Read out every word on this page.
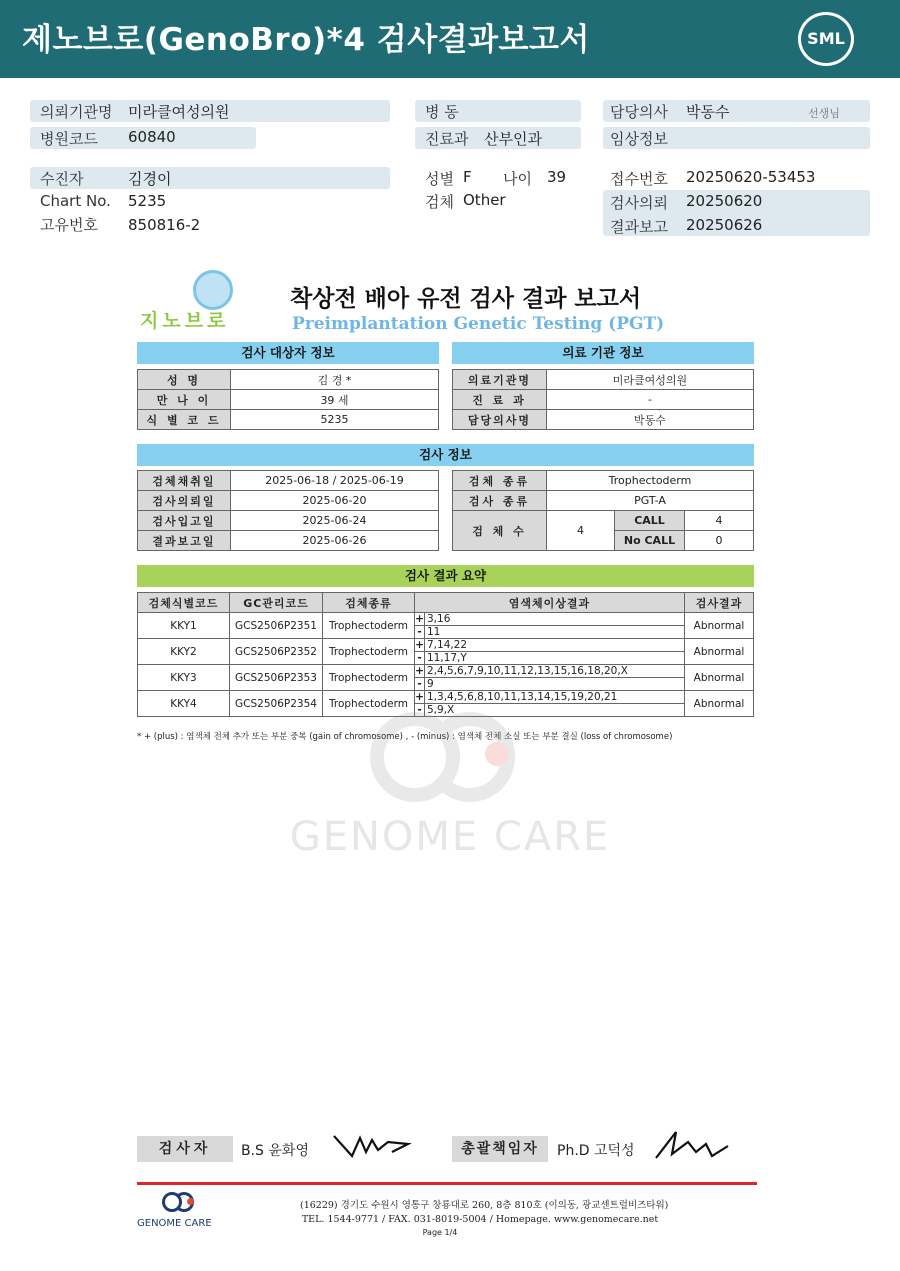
제노브로(GenoBro)*4 검사결과보고서	SML
의뢰기관명 미라클여성의원
병원코드 60840
병 동
진료과 산부인과
담당의사 박동수	선생님
임상정보
수진자	김경이
Chart No. 5235
고유번호 850816-2
성별 F 나이 39
검체 Other
접수번호 20250620-53453
검사의뢰 20250620
결과보고 20250626
지노브로
착상전 배아 유전 검사 결과 보고서
Preimplantation Genetic Testing (PGT)
검사 대상자 정보
성 명	김 경 *
만 나 이	39 세
식 별 코 드	5235
의료 기관 정보
의료기관명	미라클여성의원
진 료 과	-
담당의사명	박동수
검사 정보
검체채취일	2025-06-18 / 2025-06-19
검사의뢰일	2025-06-20
검사입고일	2025-06-24
결과보고일	2025-06-26
검체 종류	Trophectoderm		
검사 종류	PGT-A		
검 체 수	4	CALL	4
		No CALL	0
검사 결과 요약
검체식별코드	GC관리코드	검체종류	염색체이상결과		검사결과
KKY1	GCS2506P2351	Trophectoderm	+	3,16	Abnormal
			-	11	
KKY2	GCS2506P2352	Trophectoderm	+	7,14,22	Abnormal
			-	11,17,Y	
KKY3	GCS2506P2353	Trophectoderm	+	2,4,5,6,7,9,10,11,12,13,15,16,18,20,X	Abnormal
			-	9	
KKY4	GCS2506P2354	Trophectoderm	+	1,3,4,5,6,8,10,11,13,14,15,19,20,21	Abnormal
			-	5,9,X	
* + (plus) : 염색체 전체 추가 또는 부분 중복 (gain of chromosome) , - (minus) : 염색체 전체 소실 또는 부분 결실 (loss of chromosome)
GENOME CARE
검사자	B.S 윤화영	총괄책임자	Ph.D 고덕성
GENOME CARE
(16229) 경기도 수원시 영통구 창룡대로 260, 8층 810호 (이의동, 광교센트럴비즈타워)
TEL. 1544-9771 / FAX. 031-8019-5004 / Homepage. www.genomecare.net
Page 1/4
